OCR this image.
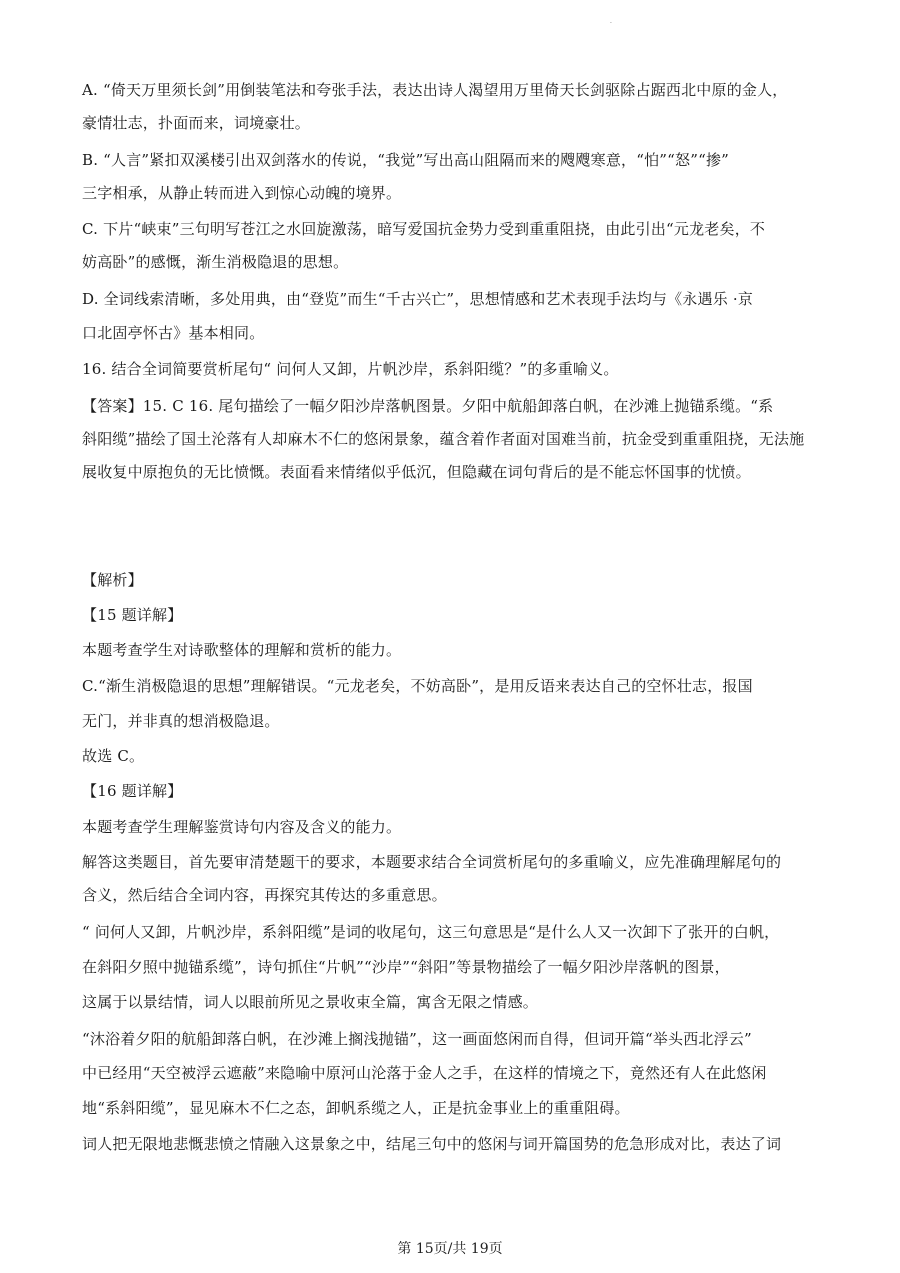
·
A. “倚天万里须长剑”用倒装笔法和夸张手法，表达出诗人渴望用万里倚天长剑驱除占踞西北中原的金人，
豪情壮志，扑面而来，词境豪壮。
B. “人言”紧扣双溪楼引出双剑落水的传说，“我觉”写出高山阻隔而来的飕飕寒意，“怕”“怒”“掺”
三字相承，从静止转而进入到惊心动魄的境界。
C. 下片“峡束”三句明写苍江之水回旋激荡，暗写爱国抗金势力受到重重阻挠，由此引出“元龙老矣，不
妨高卧”的感慨，渐生消极隐退的思想。
D. 全词线索清晰，多处用典，由“登览”而生“千古兴亡”，思想情感和艺术表现手法均与《永遇乐 ·京
口北固亭怀古》基本相同。
16. 结合全词简要赏析尾句“ 问何人又卸，片帆沙岸，系斜阳缆？”的多重喻义。
【答案】15. C 16. 尾句描绘了一幅夕阳沙岸落帆图景。夕阳中航船卸落白帆，在沙滩上抛锚系缆。“系
斜阳缆”描绘了国土沦落有人却麻木不仁的悠闲景象，蕴含着作者面对国难当前，抗金受到重重阻挠，无法施
展收复中原抱负的无比愤慨。表面看来情绪似乎低沉，但隐藏在词句背后的是不能忘怀国事的忧愤。
【解析】
【15 题详解】
本题考查学生对诗歌整体的理解和赏析的能力。
C.“渐生消极隐退的思想”理解错误。“元龙老矣，不妨高卧”，是用反语来表达自己的空怀壮志，报国
无门，并非真的想消极隐退。
故选 C。
【16 题详解】
本题考查学生理解鉴赏诗句内容及含义的能力。
解答这类题目，首先要审清楚题干的要求，本题要求结合全词赏析尾句的多重喻义，应先准确理解尾句的
含义，然后结合全词内容，再探究其传达的多重意思。
“ 问何人又卸，片帆沙岸，系斜阳缆”是词的收尾句，这三句意思是“是什么人又一次卸下了张开的白帆，
在斜阳夕照中抛锚系缆”，诗句抓住“片帆”“沙岸”“斜阳”等景物描绘了一幅夕阳沙岸落帆的图景，
这属于以景结情，词人以眼前所见之景收束全篇，寓含无限之情感。
“沐浴着夕阳的航船卸落白帆，在沙滩上搁浅抛锚”，这一画面悠闲而自得，但词开篇“举头西北浮云”
中已经用“天空被浮云遮蔽”来隐喻中原河山沦落于金人之手，在这样的情境之下，竟然还有人在此悠闲
地“系斜阳缆”，显见麻木不仁之态，卸帆系缆之人，正是抗金事业上的重重阻碍。
词人把无限地悲慨悲愤之情融入这景象之中，结尾三句中的悠闲与词开篇国势的危急形成对比，表达了词
第 15页/共 19页
